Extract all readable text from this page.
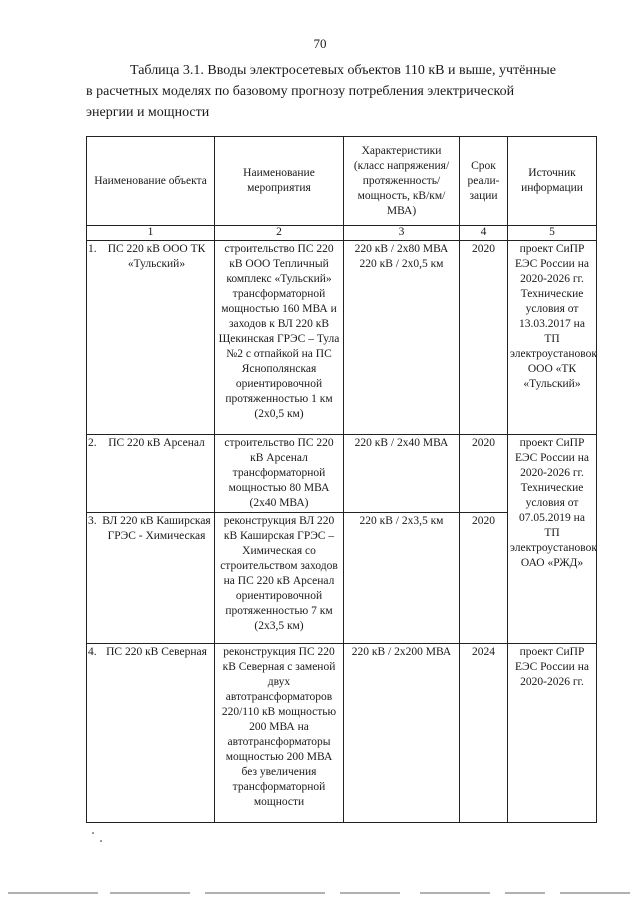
70
Таблица 3.1. Вводы электросетевых объектов 110 кВ и выше, учтённые
в расчетных моделях по базовому прогнозу потребления электрической
энергии и мощности
Наименование объекта	Наименование мероприятия	Характеристики (класс напряжения/ протяженность/ мощность, кВ/км/МВА)	Срок реали-зации	Источник информации
1	2	3	4	5

1. ПС 220 кВ ООО ТК «Тульский»	строительство ПС 220 кВ ООО Тепличный комплекс «Тульский» трансформаторной мощностью 160 МВА и заходов к ВЛ 220 кВ Щекинская ГРЭС – Тула №2 с отпайкой на ПС Яснополянская ориентировочной протяженностью 1 км (2х0,5 км)	220 кВ / 2х80 МВА 220 кВ / 2х0,5 км	2020	проект СиПР ЕЭС России на 2020-2026 гг. Технические условия от 13.03.2017 на ТП электроустановок ООО «ТК «Тульский»

2. ПС 220 кВ Арсенал	строительство ПС 220 кВ Арсенал трансформаторной мощностью 80 МВА (2х40 МВА)	220 кВ / 2х40 МВА	2020	проект СиПР ЕЭС России на 2020-2026 гг. Технические условия от 07.05.2019 на ТП электроустановок ОАО «РЖД»

3. ВЛ 220 кВ Каширская ГРЭС - Химическая	реконструкция ВЛ 220 кВ Каширская ГРЭС – Химическая со строительством заходов на ПС 220 кВ Арсенал ориентировочной протяженностью 7 км (2х3,5 км)	220 кВ / 2х3,5 км	2020	

4. ПС 220 кВ Северная	реконструкция ПС 220 кВ Северная с заменой двух автотрансформаторов 220/110 кВ мощностью 200 МВА на автотрансформаторы мощностью 200 МВА без увеличения трансформаторной мощности	220 кВ / 2х200 МВА	2024	проект СиПР ЕЭС России на 2020-2026 гг.
